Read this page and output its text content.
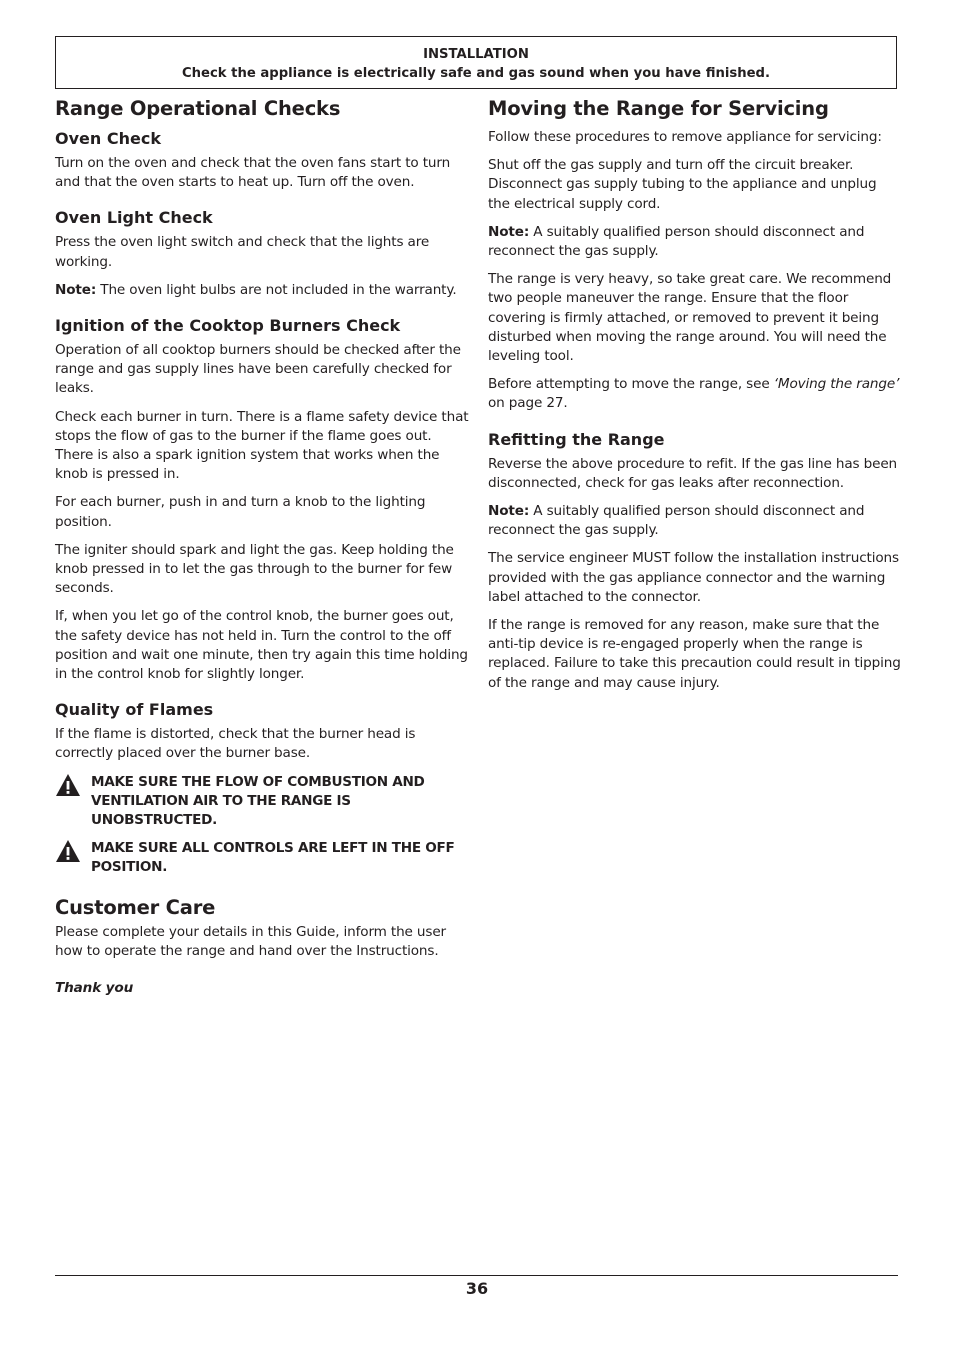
INSTALLATION
Check the appliance is electrically safe and gas sound when you have finished.
Range Operational Checks
Oven Check

Turn on the oven and check that the oven fans start to turn and that the oven starts to heat up. Turn off the oven.

Oven Light Check

Press the oven light switch and check that the lights are working.

Note: The oven light bulbs are not included in the warranty.

Ignition of the Cooktop Burners Check

Operation of all cooktop burners should be checked after the range and gas supply lines have been carefully checked for leaks.

Check each burner in turn. There is a flame safety device that stops the flow of gas to the burner if the flame goes out. There is also a spark ignition system that works when the knob is pressed in.

For each burner, push in and turn a knob to the lighting position.

The igniter should spark and light the gas. Keep holding the knob pressed in to let the gas through to the burner for few seconds.

If, when you let go of the control knob, the burner goes out, the safety device has not held in. Turn the control to the off position and wait one minute, then try again this time holding in the control knob for slightly longer.

Quality of Flames

If the flame is distorted, check that the burner head is correctly placed over the burner base.

MAKE SURE THE FLOW OF COMBUSTION AND VENTILATION AIR TO THE RANGE IS UNOBSTRUCTED.
MAKE SURE ALL CONTROLS ARE LEFT IN THE OFF POSITION.
Customer Care

Please complete your details in this Guide, inform the user how to operate the range and hand over the Instructions.

Thank you

Moving the Range for Servicing

Follow these procedures to remove appliance for servicing:

Shut off the gas supply and turn off the circuit breaker. Disconnect gas supply tubing to the appliance and unplug the electrical supply cord.

Note: A suitably qualified person should disconnect and reconnect the gas supply.

The range is very heavy, so take great care. We recommend two people maneuver the range. Ensure that the floor covering is firmly attached, or removed to prevent it being disturbed when moving the range around. You will need the leveling tool.

Before attempting to move the range, see ‘Moving the range’ on page 27.

Refitting the Range

Reverse the above procedure to refit. If the gas line has been disconnected, check for gas leaks after reconnection.

Note: A suitably qualified person should disconnect and reconnect the gas supply.

The service engineer MUST follow the installation instructions provided with the gas appliance connector and the warning label attached to the connector.

If the range is removed for any reason, make sure that the anti-tip device is re-engaged properly when the range is replaced. Failure to take this precaution could result in tipping of the range and may cause injury.

36
